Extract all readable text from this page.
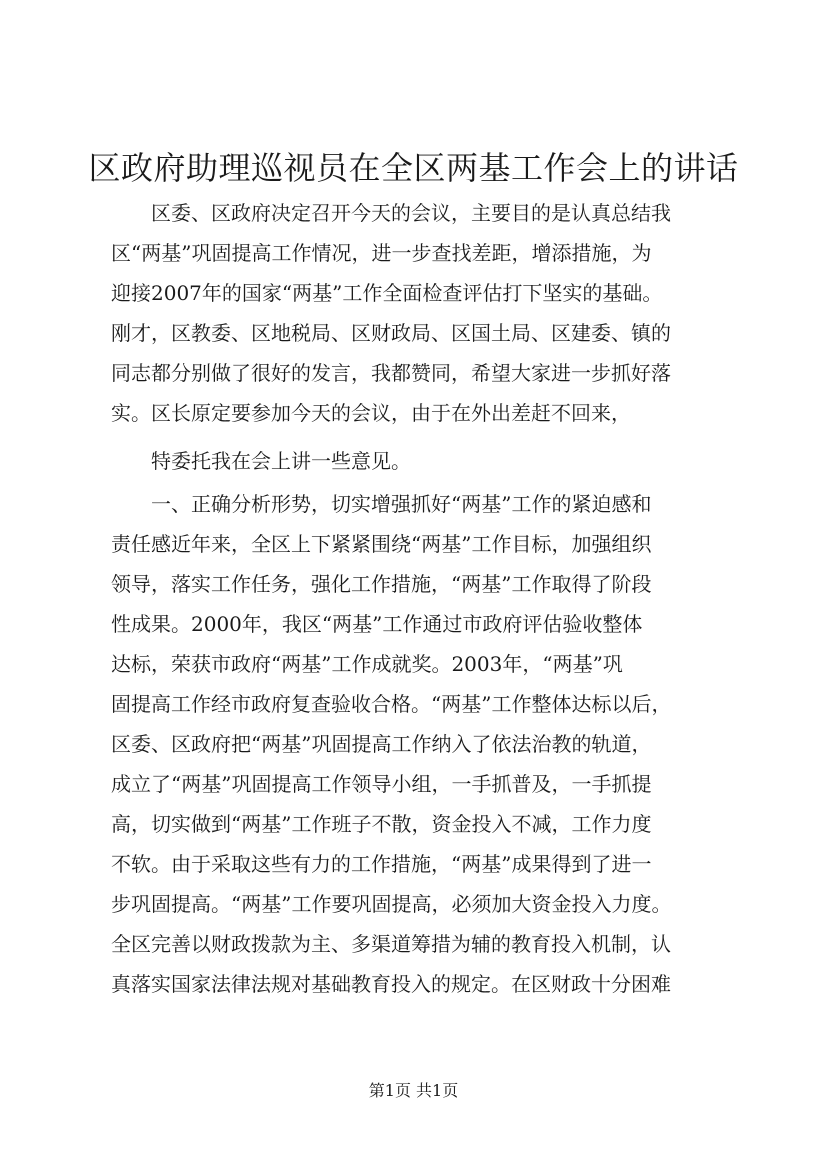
区政府助理巡视员在全区两基工作会上的讲话
　　区委、区政府决定召开今天的会议，主要目的是认真总结我
区“两基”巩固提高工作情况，进一步查找差距，增添措施，为
迎接2007年的国家“两基”工作全面检查评估打下坚实的基础。
刚才，区教委、区地税局、区财政局、区国土局、区建委、镇的
同志都分别做了很好的发言，我都赞同，希望大家进一步抓好落
实。区长原定要参加今天的会议，由于在外出差赶不回来，
　　特委托我在会上讲一些意见。
　　一、正确分析形势，切实增强抓好“两基”工作的紧迫感和
责任感近年来，全区上下紧紧围绕“两基”工作目标，加强组织
领导，落实工作任务，强化工作措施，“两基”工作取得了阶段
性成果。2000年，我区“两基”工作通过市政府评估验收整体
达标，荣获市政府“两基”工作成就奖。2003年，“两基”巩
固提高工作经市政府复查验收合格。“两基”工作整体达标以后，
区委、区政府把“两基”巩固提高工作纳入了依法治教的轨道，
成立了“两基”巩固提高工作领导小组，一手抓普及，一手抓提
高，切实做到“两基”工作班子不散，资金投入不减，工作力度
不软。由于采取这些有力的工作措施，“两基”成果得到了进一
步巩固提高。“两基”工作要巩固提高，必须加大资金投入力度。
全区完善以财政拨款为主、多渠道筹措为辅的教育投入机制，认
真落实国家法律法规对基础教育投入的规定。在区财政十分困难
第1页 共1页
